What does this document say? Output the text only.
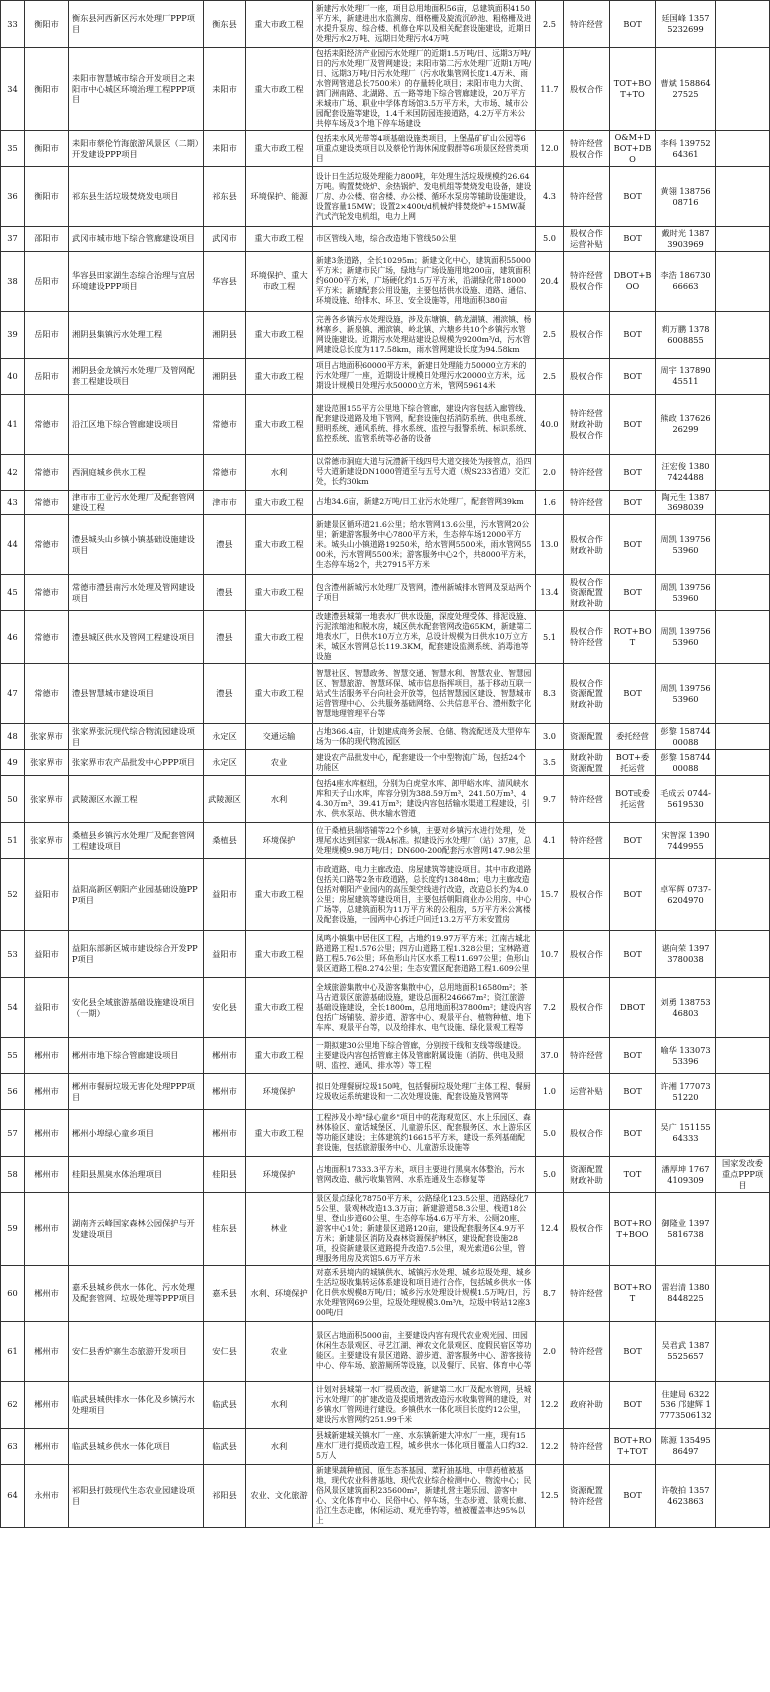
33	衡阳市	衡东县河西新区污水处理厂PPP项目	衡东县	重大市政工程	新建污水处理厂一座，项目总用地面积56亩，总建筑面积4150平方米，新建进出水监测房、细格栅及旋流沉砂池、粗格栅及进水提升泵房、综合楼、机修仓库以及相关配套设施建设，近期日处理污水2万吨、远期日处理污水4万吨	2.5	特许经营	BOT	廷国峰 13575232699	
34	衡阳市	耒阳市智慧城市综合开发项目之耒阳市中心城区环境治理工程PPP项目	耒阳市	重大市政工程	包括耒阳经济产业园污水处理厂的近期1.5万吨/日、远期3万吨/日的污水处理厂及管网建设；耒阳市第二污水处理厂近期1万吨/日、远期3万吨/日污水处理厂（污水收集管网长度1.4万米、雨水管网管道总长7500米）的存量转化项目；耒阳市电力大街、泗门洲南路、北湖路、五一路等地下综合管廊建设，20万平方米城市广场、职业中学体育场馆3.5万平方米，大市场、城市公园配套设施等建设，1.4千米国防园连接道路，4.2万平方米公共停车场及3个地下停车场建设	11.7	股权合作	TOT+BOT+TO	曹斌 15886427525	
35	衡阳市	耒阳市蔡伦竹海旅游风景区（二期）开发建设PPP项目	耒阳市	重大市政工程	包括耒水风光带等4项基础设施类项目，上堡晶矿矿山公园等6项重点建设类项目以及蔡伦竹海休闲度假群等6项景区经营类项目	12.0	特许经营 股权合作	O&M+DBOT+DBO	李科 13975264361	
36	衡阳市	祁东县生活垃圾焚烧发电项目	祁东县	环境保护、能源	设计日生活垃圾处理能力800吨，年处理生活垃圾规模约26.64万吨。购置焚烧炉、余热锅炉、发电机组等焚烧发电设备，建设厂房、办公楼、宿舍楼、办公楼、循环水泵房等辅助设施建设，设置容量15MW；设置2×400t/d机械炉排焚烧炉+15MW凝汽式汽轮发电机组，电力上网	4.3	特许经营	BOT	黄翎 13875608716	
37	邵阳市	武冈市城市地下综合管廊建设项目	武冈市	重大市政工程	市区管线入地，综合改造地下管线50公里	5.0	股权合作 运营补贴	BOT	戴时光 13873903969	
38	岳阳市	华容县田家湖生态综合治理与宜居环境建设PPP项目	华容县	环境保护、重大市政工程	新建3条道路，全长10295m；新建文化中心，建筑面积55000平方米；新建市民广场，绿地与广场设施用地200亩，建筑面积约6000平方米，广场硬化约1.5万平方米，沿湖绿化带18000平方米；新建配套公用设施，主要包括供水设施、道路、通信、环境设施、给排水、环卫、安全设施等，用地面积380亩	20.4	特许经营 股权合作	DBOT+BOO	李浩 18673066663	
39	岳阳市	湘阴县集镇污水处理工程	湘阴县	重大市政工程	完善各乡镇污水处理设施，涉及东塘镇、鹤龙湖镇、湘滨镇、杨林寨乡、新泉镇、湘滨镇、岭北镇、六塘乡共10个乡镇污水管网设施建设。近期污水处理站建设总规模为9200m³/d，污水管网建设总长度为117.58km，雨水管网建设长度为94.58km	2.5	股权合作	BOT	莉万鹏 13786008855	
40	岳阳市	湘阴县金龙镇污水处理厂及管网配套工程建设项目	湘阴县	重大市政工程	项目占地面积60000平方米，新建日处理能力50000立方米的污水处理厂一座，近期设计规模日处理污水20000立方米，远期设计规模日处理污水50000立方米，管网59614米	2.5	股权合作	BOT	周宇 13789045511	
41	常德市	沿江区地下综合管廊建设项目	常德市	重大市政工程	建设范围155平方公里地下综合管廊，建设内容包括入廊管线、配套建设道路及地下管网，配套设施包括消防系统、供电系统、照明系统、通风系统、排水系统、监控与报警系统、标识系统、监控系统、监管系统等必备的设备	40.0	特许经营 财政补助 股权合作	BOT	熊政 13762626299	
42	常德市	西洞庭城乡供水工程	常德市	水利	以常德市洞庭大道与沅澧新干线四号大道交接处为接管点，沿四号大道新建设DN1000管道至与五号大道（规S233省道）交汇处，长约30km	2.0	特许经营	BOT	汪宏俊 13807424488	
43	常德市	津市市工业污水处理厂及配套管网建设工程	津市市	重大市政工程	占地34.6亩，新建2万吨/日工业污水处理厂，配套管网39km	1.6	特许经营	BOT	陶元生 13873698039	
44	常德市	澧县城头山乡镇小镇基础设施建设项目	澧县	重大市政工程	新建景区循环道21.6公里；给水管网13.6公里，污水管网20公里；新建游客服务中心7800平方米，生态停车场12000平方米。城头山小镇道路19250米，给水管网5500米，雨水管网5500米，污水管网5500米；游客服务中心2个，共8000平方米，生态停车场2个，共27915平方米	13.0	股权合作 财政补助	BOT	周凯 13975653960	
45	常德市	常德市澧县南污水处理及管网建设项目	澧县	重大市政工程	包含澧州新城污水处理厂及管网，澧州新城排水管网及泵站两个子项目	13.4	股权合作 资源配置 财政补助	BOT	周凯 13975653960	
46	常德市	澧县城区供水及管网工程建设项目	澧县	重大市政工程	改建澧县城第一地表水厂供水设施，深度处理受体、排泥设施、污泥浓缩池和脱水房，城区供水配套管网改造65KM，新建第二地表水厂，日供水10万立方米，总设计规模为日供水10万立方米，城区水管网总长119.3KM，配套建设监测系统、消毒池等设施	5.1	股权合作 特许经营	ROT+BOT	周凯 13975653960	
47	常德市	澧县智慧城市建设项目	澧县	重大市政工程	智慧社区、智慧政务、智慧交通、智慧水利、智慧农业、智慧园区、智慧旅游、智慧环保、城市信息指挥项目，基于移动互联一站式生活服务平台向社会开放等，包括智慧园区建设、智慧城市运营管理中心、公共服务基础网络、公共信息平台、澧州数字化智慧地理管理平台等	8.3	股权合作 资源配置 财政补助	BOT	周凯 13975653960	
48	张家界市	张家界张沅现代综合物流园建设项目	永定区	交通运输	占地366.4亩，计划建成商务会展、仓储、物流配送及大型停车场为一体的现代物流园区	3.0	资源配置	委托经营	彭黎 15874400088	
49	张家界市	张家界市农产品批发中心PPP项目	永定区	农业	建设农产品批发中心，配套建设一个中型物流广场，包括24个功能区	3.5	财政补助 资源配置	BOT+委托运营	彭黎 15874400088	
50	张家界市	武陵源区水源工程	武陵源区	水利	包括4座水库枢纽，分别为白虎堂水库、卸甲峪水库、清风峡水库和天子山水库，库容分别为388.59万m³、241.50万m³、44.30万m³、39.41万m³；建设内容包括输水渠道工程建设，引水、供水泵站、供水输水管道	9.7	特许经营	BOT或委托运营	毛成云 0744-5619530	
51	张家界市	桑植县乡镇污水处理厂及配套管网工程建设项目	桑植县	环境保护	位于桑植县瑞塔铺等22个乡镇，主要对乡镇污水进行处理，处理尾水达到国家一级A标准。拟建设污水处理厂（站）37座，总处理规模9.98万吨/日；DN600-200配套污水管网147.98公里	4.1	特许经营	BOT	宋智深 13907449955	
52	益阳市	益阳高新区朝阳产业园基础设施PPP项目	益阳市	重大市政工程	市政道路、电力主廊改造、房屋建筑等建设项目。其中市政道路包括关口路等2条市政道路，总长度约13848m；电力主廊改造包括对朝阳产业园内的高压架空线进行改造，改造总长约为4.0公里；房屋建筑等建设项目，主要包括朝阳商业办公用房、中心广场等，总建筑面积为11万平方米的公租房，5万平方米公寓楼及配套设施，一园两中心拆迁户回迁13.2万平方米安置房	15.7	股权合作	BOT	卓军辉 0737-6204970	
53	益阳市	益阳东部新区城市建设综合开发PPP项目	益阳市	重大市政工程	凤鸣小镇集中居住区工程，占地约19.97万平方米；江南古城北路道路工程1.576公里；四方山道路工程1.328公里；宝林路道路工程5.76公里；环鱼形山片区水系工程11.697公里；鱼形山景区道路工程8.274公里；生态安置区配套道路工程1.609公里	10.7	股权合作	BOT	谌向荣 13973780038	
54	益阳市	安化县全域旅游基础设施建设项目（一期）	安化县	重大市政工程	全域旅游集散中心及游客集散中心，总用地面积16580m²；茶马古道景区旅游基础设施，建设总面积246667m²；资江旅游基础设施建设，全长1800m，总用地面积37800m²；建设内容包括广场铺装、游步道、游客中心、观景平台、植物种植、地下车库、观景平台等，以及给排水、电气设施、绿化景观工程等	7.2	股权合作	DBOT	刘勇 13875346803	
55	郴州市	郴州市地下综合管廊建设项目	郴州市	重大市政工程	一期拟建30公里地下综合管廊，分别按干线和支线等级建设。主要建设内容包括管廊主体及管廊附属设施（消防、供电及照明、监控、通风、排水等）等工程	37.0	特许经营	BOT	喻华 13307353396	
56	郴州市	郴州市餐厨垃圾无害化处理PPP项目	郴州市	环境保护	拟日处理餐厨垃圾150吨，包括餐厨垃圾处理厂主体工程、餐厨垃圾收运系统建设和一二次处理设施、配套设施及管网等	1.0	运营补贴	BOT	许湘 17707351220	
57	郴州市	郴州小埠绿心童乡项目	郴州市	重大市政工程	工程涉及小埠"绿心童乡"项目中的花海观览区、水上乐园区、森林体验区、童话城堡区、儿童游乐区、配套服务区、水上游乐区等功能区建设；主体建筑约16615平方米，建设一系列基础配套设施，包括旅游服务中心、儿童游乐设施等	5.0	股权合作	BOT	吴广 15115564333	
58	郴州市	桂阳县黑臭水体治理项目	桂阳县	环境保护	占地面积17333.3平方米，项目主要进行黑臭水体整治，污水管网改造、截污收集管网、水系连通及生态修复等	5.0	资源配置 财政补助	TOT	潘厚坤 17674109309	国家发改委重点PPP项目
59	郴州市	湖南齐云峰国家森林公园保护与开发建设项目	桂东县	林业	景区景点绿化78750平方米，公路绿化123.5公里、道路绿化75公里、景观林改造13.3万亩；新建游道58.3公里、栈道18公里、登山步道60公里、生态停车场4.6万平方米、公厕20座、游客中心1处；新建景区道路120亩，建设配套服务区4.9万平方米；新建景区消防及森林资源保护林区，建设配套设施28项，投资新建景区道路提升改造7.5公里，观光索道6公里，管理服务用房及宾馆5.6万平方米	12.4	股权合作	BOT+ROT+BOO	御隆业 13975816738	
60	郴州市	嘉禾县城乡供水一体化、污水处理及配套管网、垃圾处理等PPP项目	嘉禾县	水利、环境保护	对嘉禾县境内的城镇供水、城镇污水处理、城乡垃圾处理、城乡生活垃圾收集转运体系建设和项目进行合作，包括城乡供水一体化日供水规模8万吨/日；城乡污水处理设计规模1.5万吨/日，污水处理管网69公里，垃圾处理规模3.0m³/t，垃圾中转站12座300吨/日	8.7	特许经营	BOT+ROT	雷岩清 13808448225	
61	郴州市	安仁县香炉寨生态旅游开发项目	安仁县	农业	景区占地面积5000亩，主要建设内容有现代农业观光园、田园休闲生态景观区、寻艺江湖、禅农文化景观区、度假民宿区等功能区。主要建设有景区道路、游步道、游客服务中心、游客接待中心、停车场、旅游厕所等设施，以及餐厅、民宿、体育中心等	2.0	特许经营	BOT	吴君武 13875525657	
62	郴州市	临武县城供排水一体化及乡镇污水处理项目	临武县	水利	计划对县城第一水厂提质改造，新建第二水厂及配水管网，县城污水处理厂的扩建改造及提质增效改造污水收集管网的建设，对乡镇水厂管网进行建设。乡镇供水一体化项目长度约12公里，建设污水管网约251.99千米	12.2	政府补助	BOT	住建局 6322536 邝建辉 17773506132	
63	郴州市	临武县城乡供水一体化项目	临武县	水利	县城新建城关镇水厂一座、水东镇新建大冲水厂一座，现有15座水厂进行提质改造工程，城乡供水一体化项目覆盖人口约32.5万人	12.2	特许经营	BOT+ROT+TOT	陈源 13549586497	
64	永州市	祁阳县打鼓现代生态农业园建设项目	祁阳县	农业、文化旅游	新建果蔬种植园、原生态茶基园、菜籽油基地、中草药植被基地，现代农业科普基地、现代农业综合检测中心、物流中心；民俗风景区建筑面积235600m²，新建扎营主题乐园、游客中心、文化体育中心、民俗中心、停车场，生态步道、景观长廊、沿江生态走廊，休闲运动、观光垂钓等，植被覆盖率达95%以上	12.5	资源配置 特许经营	BOT	许敬拍 13574623863	
